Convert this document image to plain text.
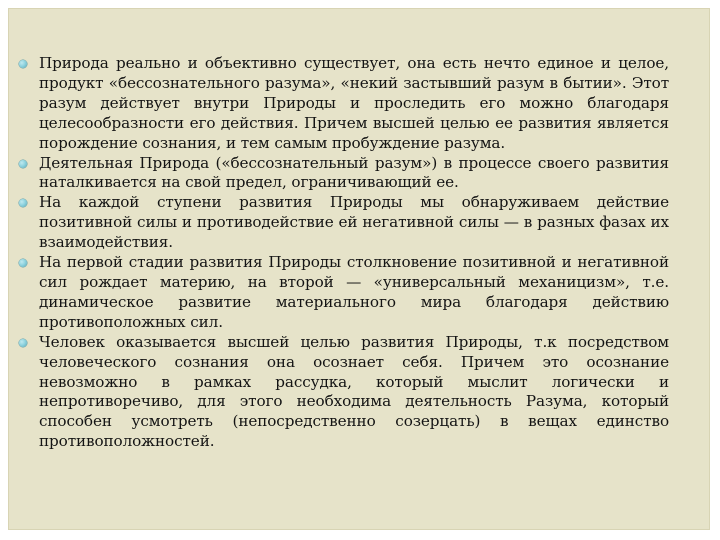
Природа реально и объективно существует, она есть нечто единое и целое, продукт «бессознательного разума», «некий застывший разум в бытии». Этот разум действует внутри Природы и проследить его можно благодаря целесообразности его действия. Причем высшей целью ее развития является порождение сознания, и тем самым пробуждение разума.
Деятельная Природа («бессознательный разум») в процессе своего развития наталкивается на свой предел, ограничивающий ее.
На каждой ступени развития Природы мы обнаруживаем действие позитивной силы и противодействие ей негативной силы — в разных фазах их взаимодействия.
На первой стадии развития Природы столкновение позитивной и негативной сил рождает материю, на второй — «универсальный механицизм», т.е. динамическое развитие материального мира благодаря действию противоположных сил.
Человек оказывается высшей целью развития Природы, т.к посредством человеческого сознания она осознает себя. Причем это осознание невозможно в рамках рассудка, который мыслит логически и непротиворечиво, для этого необходима деятельность Разума, который способен усмотреть (непосредственно созерцать) в вещах единство противоположностей.
